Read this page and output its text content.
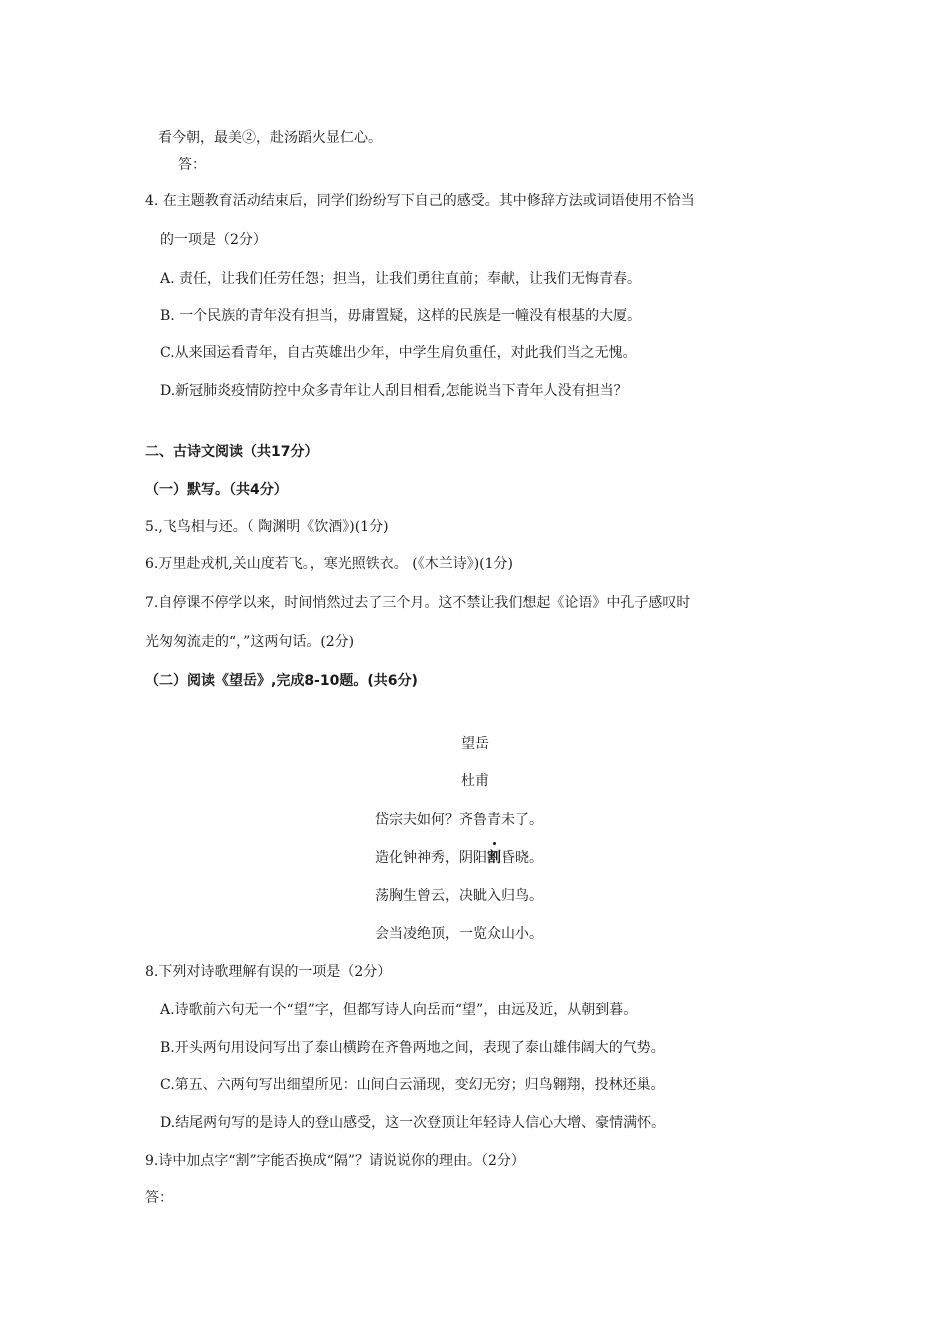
看今朝，最美②，赴汤蹈火显仁心。
答：
4. 在主题教育活动结束后，同学们纷纷写下自己的感受。其中修辞方法或词语使用不恰当
的一项是（2分）
A. 责任，让我们任劳任怨；担当，让我们勇往直前；奉献，让我们无悔青春。
B. 一个民族的青年没有担当，毋庸置疑，这样的民族是一幢没有根基的大厦。
C.从来国运看青年，自古英雄出少年，中学生肩负重任，对此我们当之无愧。
D.新冠肺炎疫情防控中众多青年让人刮目相看,怎能说当下青年人没有担当？
二、古诗文阅读（共17分）
（一）默写。（共4分）
5.,飞鸟相与还。（ 陶渊明《饮酒》)(1分)
6.万里赴戎机,关山度若飞。，寒光照铁衣。 (《木兰诗》)(1分)
7.自停课不停学以来，时间悄然过去了三个月。这不禁让我们想起《论语》中孔子感叹时
光匆匆流走的“，”这两句话。(2分)
（二）阅读《望岳》,完成8-10题。(共6分)
望岳
杜甫
岱宗夫如何？齐鲁青未了。
造化钟神秀，阴阳割昏晓。
荡胸生曾云，决眦入归鸟。
会当凌绝顶，一览众山小。
8.下列对诗歌理解有误的一项是（2分）
A.诗歌前六句无一个“望”字，但都写诗人向岳而“望”，由远及近，从朝到暮。
B.开头两句用设问写出了泰山横跨在齐鲁两地之间，表现了泰山雄伟阔大的气势。
C.第五、六两句写出细望所见：山间白云涌现，变幻无穷；归鸟翱翔，投林还巢。
D.结尾两句写的是诗人的登山感受，这一次登顶让年轻诗人信心大增、豪情满怀。
9.诗中加点字“割”字能否换成“隔”？请说说你的理由。（2分）
答：
